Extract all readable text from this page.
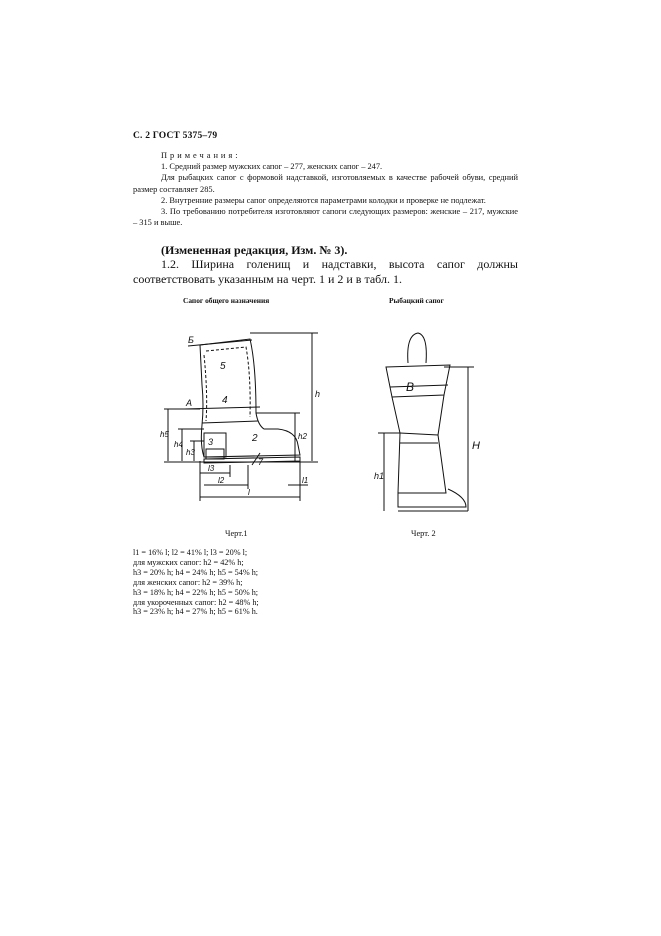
С. 2 ГОСТ 5375–79

Примечания:

1. Средний размер мужских сапог – 277, женских сапог – 247.

Для рыбацких сапог с формовой надставкой, изготовляемых в качестве рабочей обуви, средний размер составляет 285.

2. Внутренние размеры сапог определяются параметрами колодки и проверке не подлежат.

3. По требованию потребителя изготовляют сапоги следующих размеров: женские – 217, мужские – 315 и выше.

(Измененная редакция, Изм. № 3).

1.2. Ширина голенищ и надставки, высота сапог должны соответствовать указанным на черт. 1 и 2 и в табл. 1.

Сапог общего назначения	Рыбацкий сапог
Б
А
5
4
3	2
7
h
h2
h5
h4
h3
l3
l2
l
l1
Черт.1
В
H
h1
Черт. 2
l1 = 16% l; l2 = 41% l; l3 = 20% l;
для мужских сапог: h2 = 42% h;
h3 = 20% h; h4 = 24% h; h5 = 54% h;
для женских сапог: h2 = 39% h;
h3 = 18% h; h4 = 22% h; h5 = 50% h;
для укороченных сапог: h2 = 48% h;
h3 = 23% h; h4 = 27% h; h5 = 61% h.
